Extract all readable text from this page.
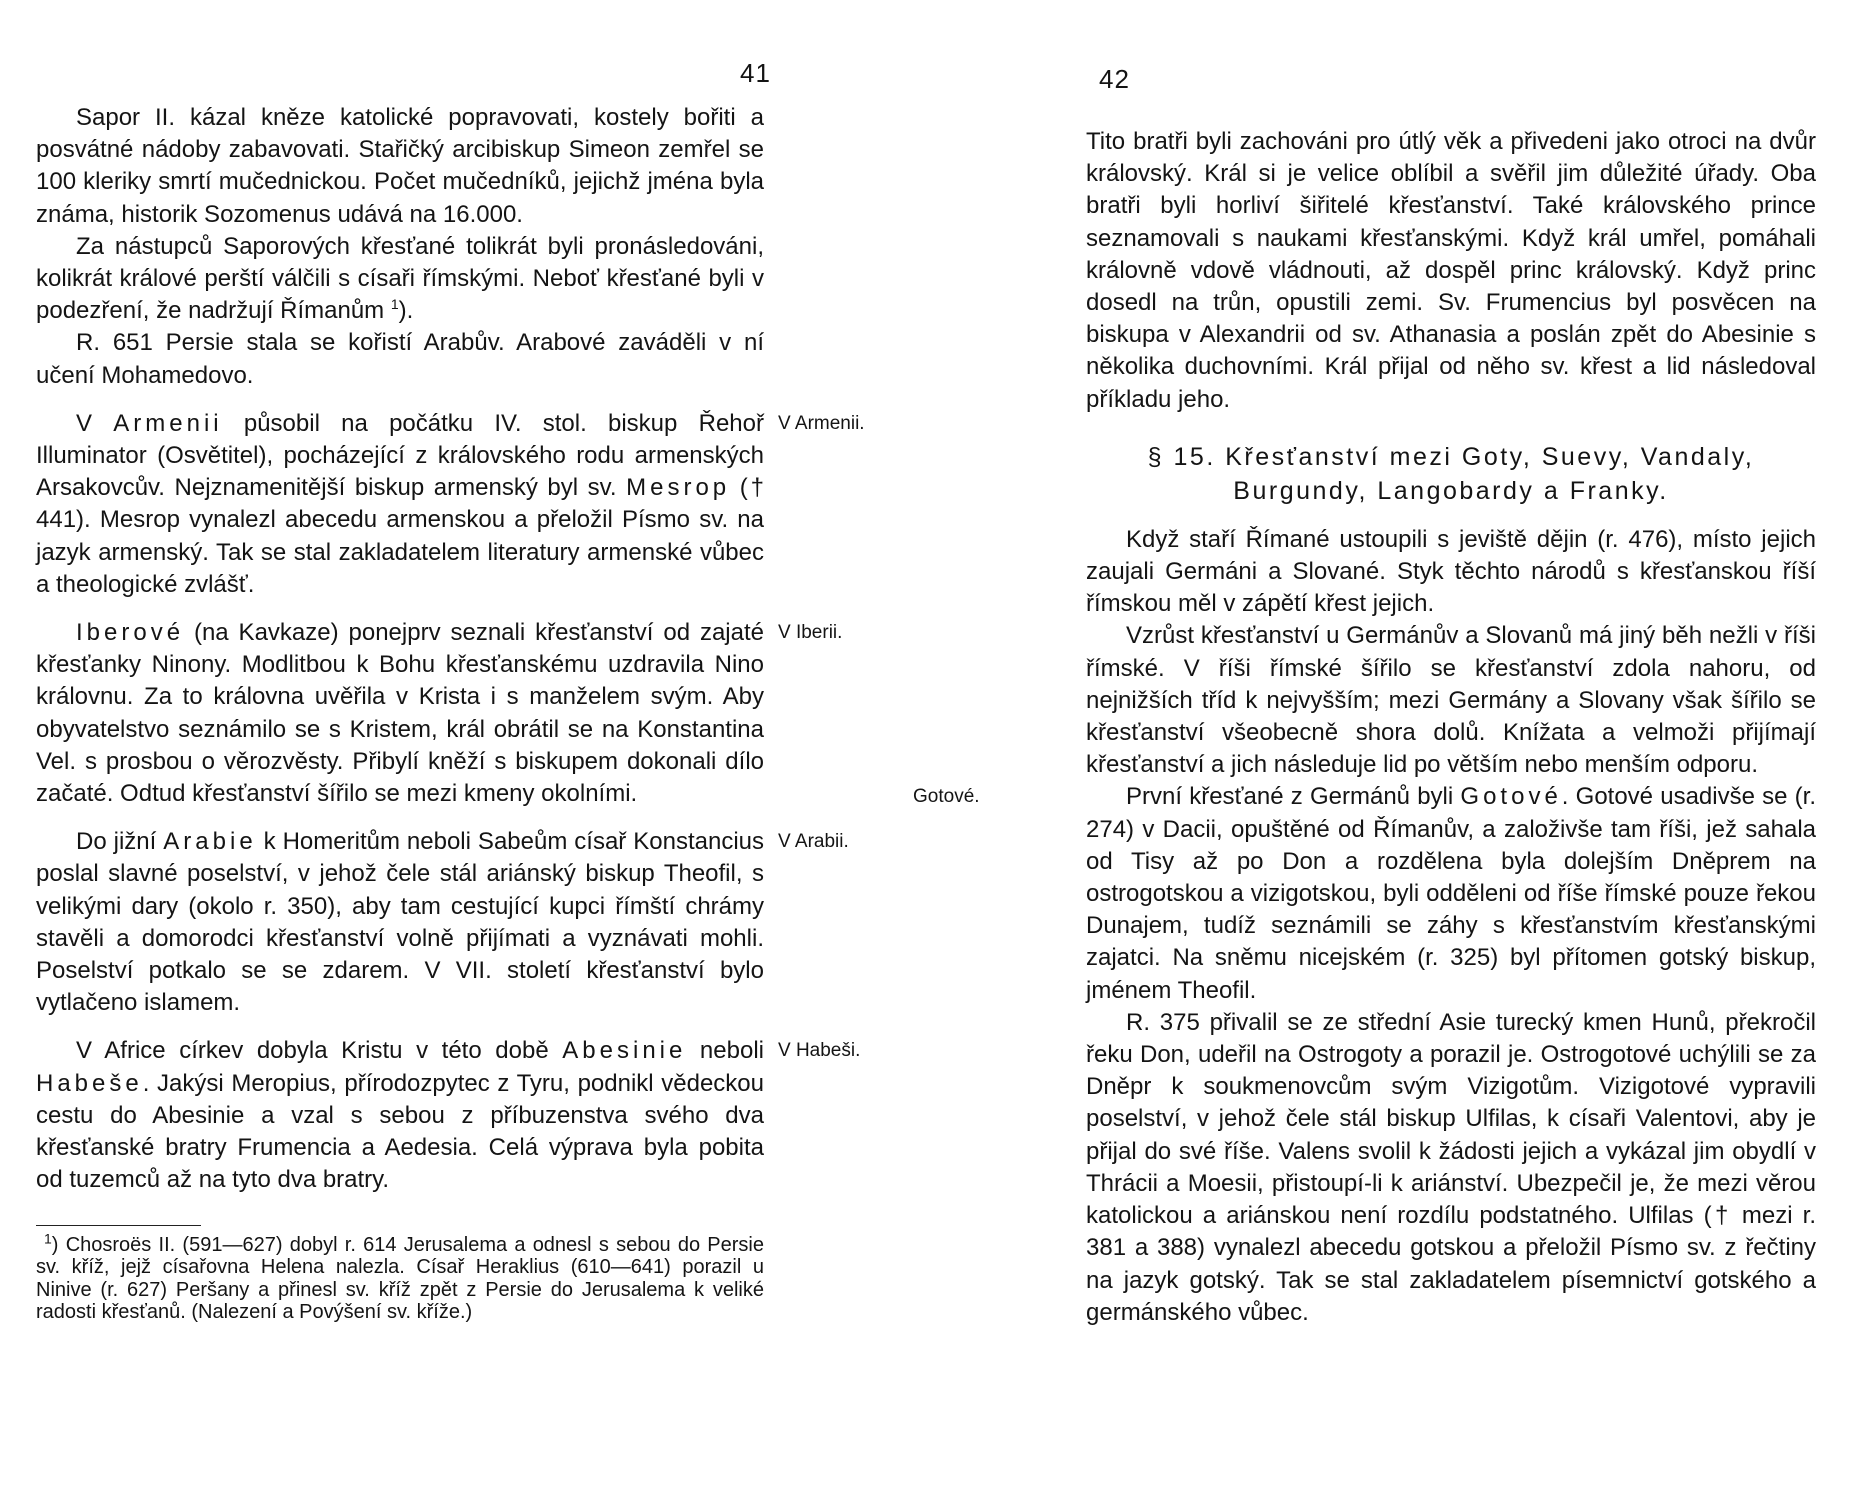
41

Sapor II. kázal kněze katolické popravovati, kostely bořiti a posvátné nádoby zabavovati. Stařičký arcibiskup Simeon zemřel se 100 kleriky smrtí mučednickou. Počet mučedníků, jejichž jména byla známa, historik Sozomenus udává na 16.000.

Za nástupců Saporových křesťané tolikrát byli pronásledováni, kolikrát králové perští válčili s císaři římskými. Neboť křesťané byli v podezření, že nadržují Římanům $^1$).

R. 651 Persie stala se kořistí Arabův. Arabové zaváděli v ní učení Mohamedovo.

V Armenii.
V Armenii působil na počátku IV. stol. biskup Řehoř Illuminator (Osvětitel), pocházející z královského rodu armenských Arsakovcův. Nejznamenitější biskup armenský byl sv. Mesrop († 441). Mesrop vynalezl abecedu armenskou a přeložil Písmo sv. na jazyk armenský. Tak se stal zakladatelem literatury armenské vůbec a theologické zvlášť.

V Iberii.
Iberové (na Kavkaze) ponejprv seznali křesťanství od zajaté křesťanky Ninony. Modlitbou k Bohu křesťanskému uzdravila Nino královnu. Za to královna uvěřila v Krista i s manželem svým. Aby obyvatelstvo seznámilo se s Kristem, král obrátil se na Konstantina Vel. s prosbou o věrozvěsty. Přibylí kněží s biskupem dokonali dílo začaté. Odtud křesťanství šířilo se mezi kmeny okolními.

V Arabii.
Do jižní Arabie k Homeritům neboli Sabeům císař Konstancius poslal slavné poselství, v jehož čele stál ariánský biskup Theofil, s velikými dary (okolo r. 350), aby tam cestující kupci římští chrámy stavěli a domorodci křesťanství volně přijímati a vyznávati mohli. Poselství potkalo se se zdarem. V VII. století křesťanství bylo vytlačeno islamem.

V Habeši.
V Africe církev dobyla Kristu v této době Abesinie neboli Habeše. Jakýsi Meropius, přírodozpytec z Tyru, podnikl vědeckou cestu do Abesinie a vzal s sebou z příbuzenstva svého dva křesťanské bratry Frumencia a Aedesia. Celá výprava byla pobita od tuzemců až na tyto dva bratry.

$^1$) Chosroës II. (591—627) dobyl r. 614 Jerusalema a odnesl s sebou do Persie sv. kříž, jejž císařovna Helena nalezla. Císař Heraklius (610—641) porazil u Ninive (r. 627) Peršany a přinesl sv. kříž zpět z Persie do Jerusalema k veliké radosti křesťanů. (Nalezení a Povýšení sv. kříže.)

42

Tito bratři byli zachováni pro útlý věk a přivedeni jako otroci na dvůr královský. Král si je velice oblíbil a svěřil jim důležité úřady. Oba bratři byli horliví šiřitelé křesťanství. Také královského prince seznamovali s naukami křesťanskými. Když král umřel, pomáhali královně vdově vládnouti, až dospěl princ královský. Když princ dosedl na trůn, opustili zemi. Sv. Frumencius byl posvěcen na biskupa v Alexandrii od sv. Athanasia a poslán zpět do Abesinie s několika duchovními. Král přijal od něho sv. křest a lid následoval příkladu jeho.

§ 15. Křesťanství mezi Goty, Suevy, Vandaly,
Burgundy, Langobardy a Franky.

Když staří Římané ustoupili s jeviště dějin (r. 476), místo jejich zaujali Germáni a Slované. Styk těchto národů s křesťanskou říší římskou měl v zápětí křest jejich.

Vzrůst křesťanství u Germánův a Slovanů má jiný běh nežli v říši římské. V říši římské šířilo se křesťanství zdola nahoru, od nejnižších tříd k nejvyšším; mezi Germány a Slovany však šířilo se křesťanství všeobecně shora dolů. Knížata a velmoži přijímají křesťanství a jich následuje lid po větším nebo menším odporu.

Gotové.	První křesťané z Germánů byli Gotové. Gotové usadivše se (r. 274) v Dacii, opuštěné od Římanův, a založivše tam říši, jež sahala od Tisy až po Don a rozdělena byla dolejším Dněprem na ostrogotskou a vizigotskou, byli odděleni od říše římské pouze řekou Dunajem, tudíž seznámili se záhy s křesťanstvím křesťanskými zajatci. Na sněmu nicejském (r. 325) byl přítomen gotský biskup, jménem Theofil.

R. 375 přivalil se ze střední Asie turecký kmen Hunů, překročil řeku Don, udeřil na Ostrogoty a porazil je. Ostrogotové uchýlili se za Dněpr k soukmenovcům svým Vizigotům. Vizigotové vypravili poselství, v jehož čele stál biskup Ulfilas, k císaři Valentovi, aby je přijal do své říše. Valens svolil k žádosti jejich a vykázal jim obydlí v Thrácii a Moesii, přistoupí-li k ariánství. Ubezpečil je, že mezi věrou katolickou a ariánskou není rozdílu podstatného. Ulfilas († mezi r. 381 a 388) vynalezl abecedu gotskou a přeložil Písmo sv. z řečtiny na jazyk gotský. Tak se stal zakladatelem písemnictví gotského a germánského vůbec.
